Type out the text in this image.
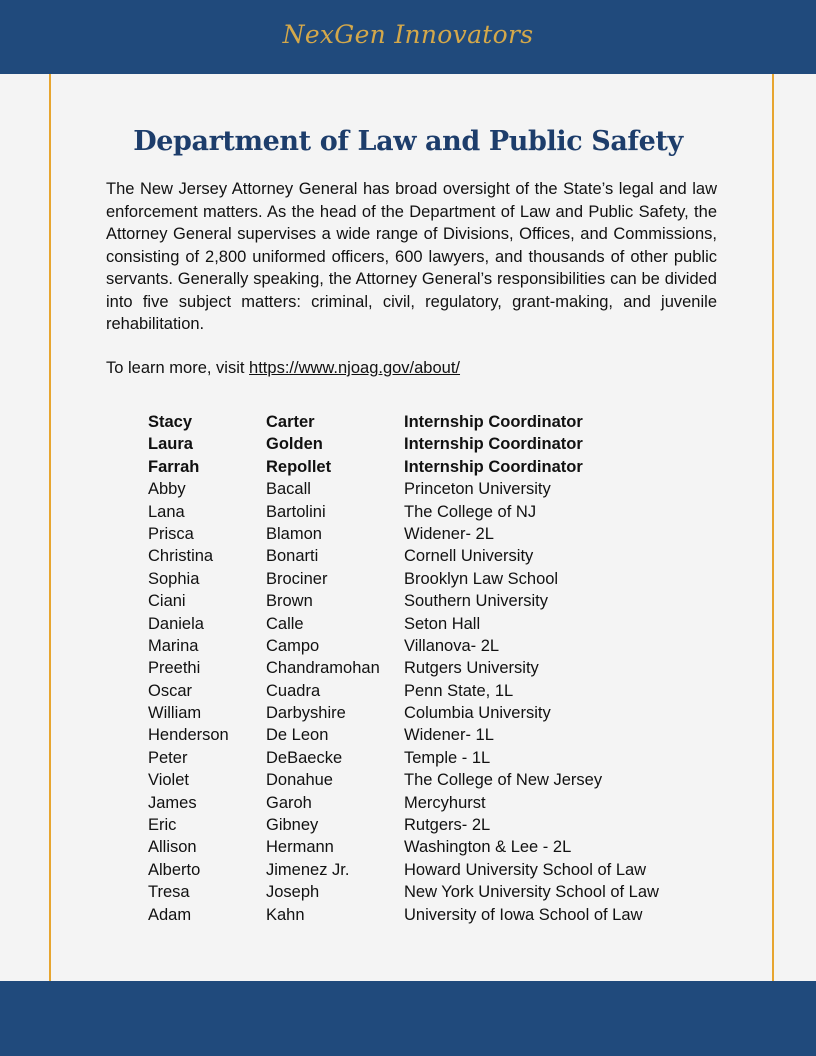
NexGen Innovators
Department of Law and Public Safety

The New Jersey Attorney General has broad oversight of the State’s legal and law enforcement matters. As the head of the Department of Law and Public Safety, the Attorney General supervises a wide range of Divisions, Offices, and Commissions, consisting of 2,800 uniformed officers, 600 lawyers, and thousands of other public servants. Generally speaking, the Attorney General’s responsibilities can be divided into five subject matters: criminal, civil, regulatory, grant-making, and juvenile rehabilitation.

To learn more, visit https://www.njoag.gov/about/

Stacy	Carter	Internship Coordinator
Laura	Golden	Internship Coordinator
Farrah	Repollet	Internship Coordinator
Abby	Bacall	Princeton University
Lana	Bartolini	The College of NJ
Prisca	Blamon	Widener- 2L
Christina	Bonarti	Cornell University
Sophia	Brociner	Brooklyn Law School
Ciani	Brown	Southern University
Daniela	Calle	Seton Hall
Marina	Campo	Villanova- 2L
Preethi	Chandramohan	Rutgers University
Oscar	Cuadra	Penn State, 1L
William	Darbyshire	Columbia University
Henderson	De Leon	Widener- 1L
Peter	DeBaecke	Temple - 1L
Violet	Donahue	The College of New Jersey
James	Garoh	Mercyhurst
Eric	Gibney	Rutgers- 2L
Allison	Hermann	Washington & Lee - 2L
Alberto	Jimenez Jr.	Howard University School of Law
Tresa	Joseph	New York University School of Law
Adam	Kahn	University of Iowa School of Law
